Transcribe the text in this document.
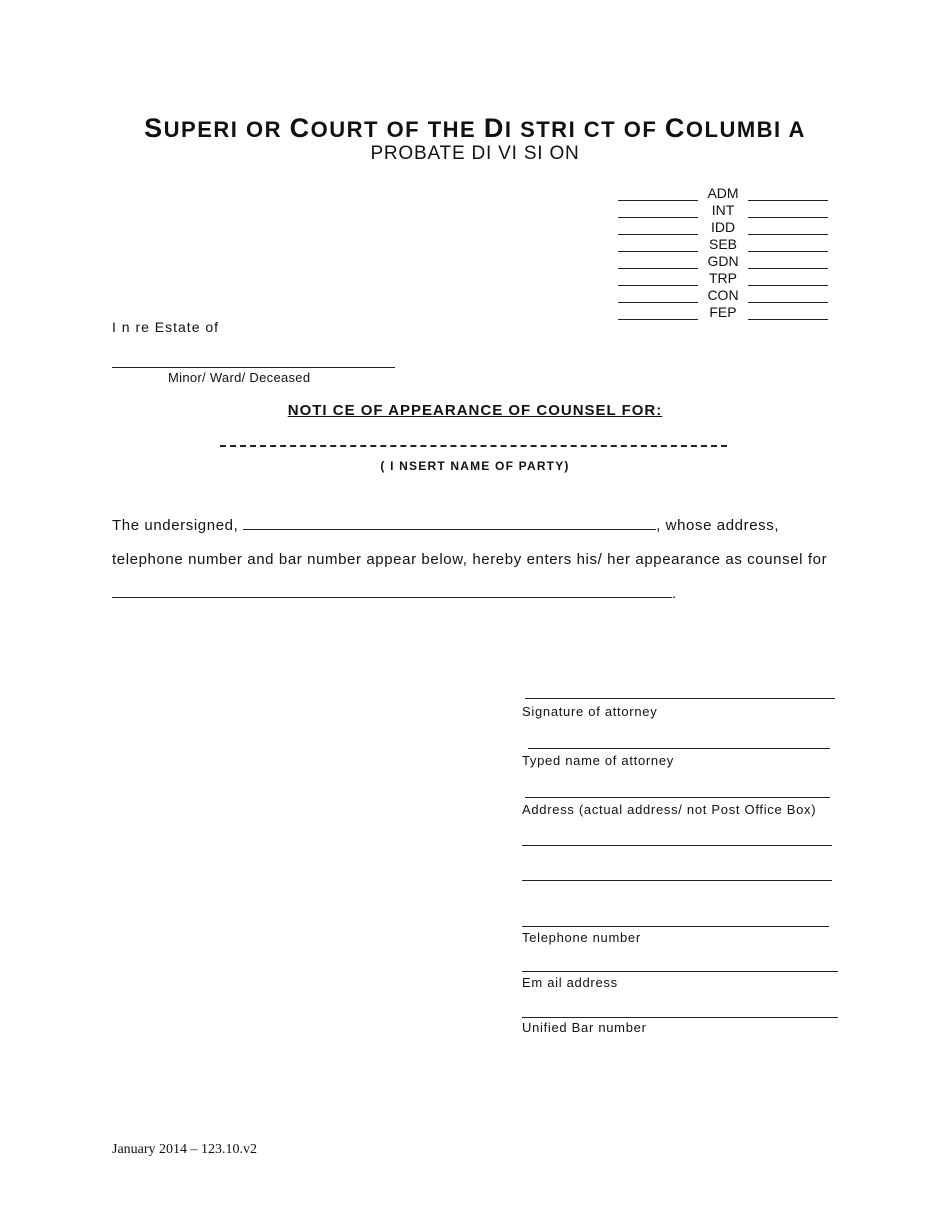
SUPERI OR COURT OF THE DI STRI CT OF COLUMBI A
PROBATE DI VI SI ON
ADM
INT
IDD
SEB
GDN
TRP
CON
FEP
I n re Estate of
Minor/ Ward/ Deceased
NOTI CE OF APPEARANCE OF COUNSEL FOR:
( I NSERT NAME OF PARTY)
The undersigned,	, whose address,
telephone number and bar number appear below, hereby enters his/ her appearance as counsel for
.
Signature of attorney
Typed name of attorney
Address (actual address/ not Post Office Box)
Telephone number
Em ail address
Unified Bar number
January 2014 – 123.10.v2
